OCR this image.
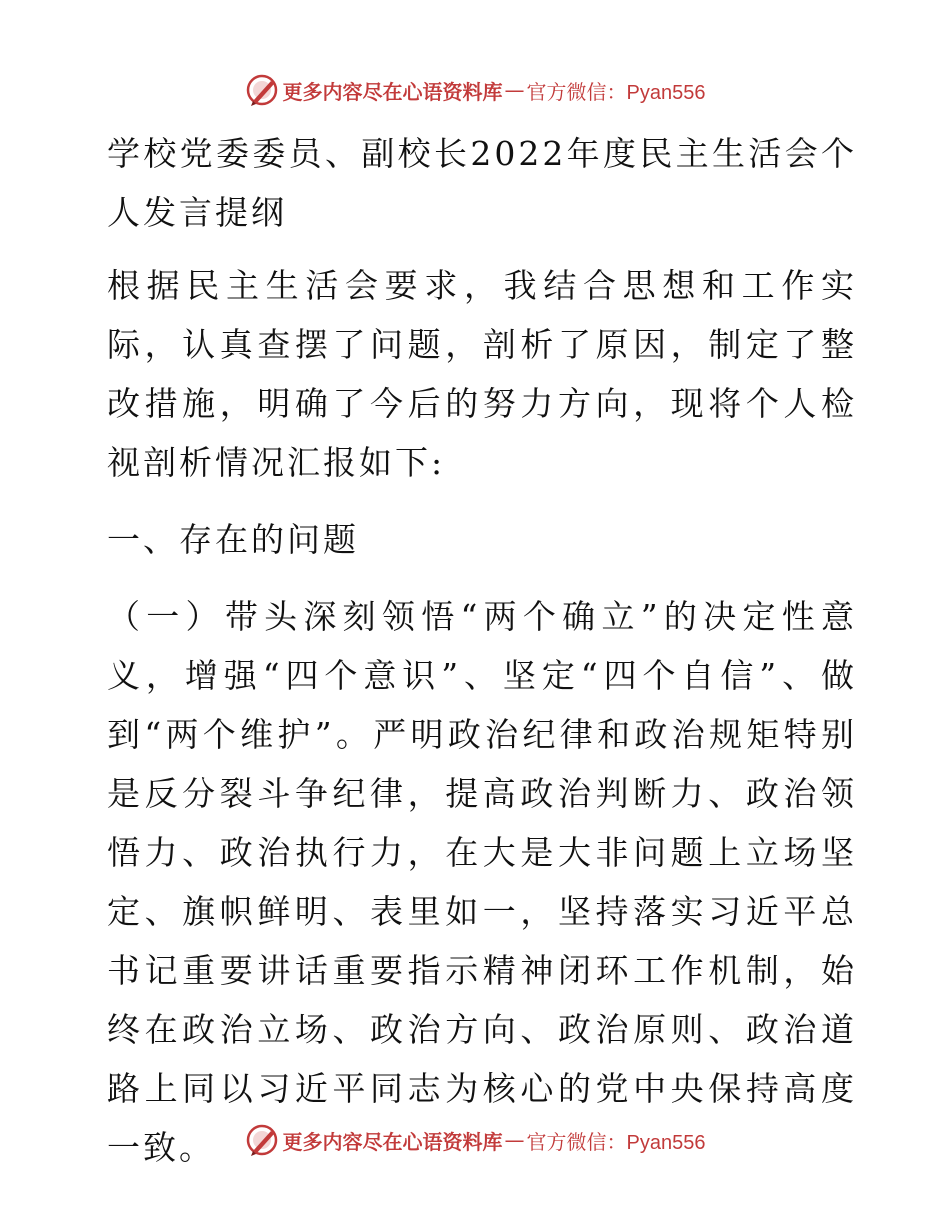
更多内容尽在心语资料库 — 官方微信：Pyan556

学校党委委员、副校长2022年度民主生活会个人发言提纲

根据民主生活会要求，我结合思想和工作实际，认真查摆了问题，剖析了原因，制定了整改措施，明确了今后的努力方向，现将个人检视剖析情况汇报如下:

一、存在的问题

（一）带头深刻领悟“两个确立”的决定性意义，增强“四个意识”、坚定“四个自信”、做到“两个维护”。严明政治纪律和政治规矩特别是反分裂斗争纪律，提高政治判断力、政治领悟力、政治执行力，在大是大非问题上立场坚定、旗帜鲜明、表里如一，坚持落实习近平总书记重要讲话重要指示精神闭环工作机制，始终在政治立场、政治方向、政治原则、政治道路上同以习近平同志为核心的党中央保持高度一致。	更多内容尽在心语资料库 — 官方微信：Pyan556
